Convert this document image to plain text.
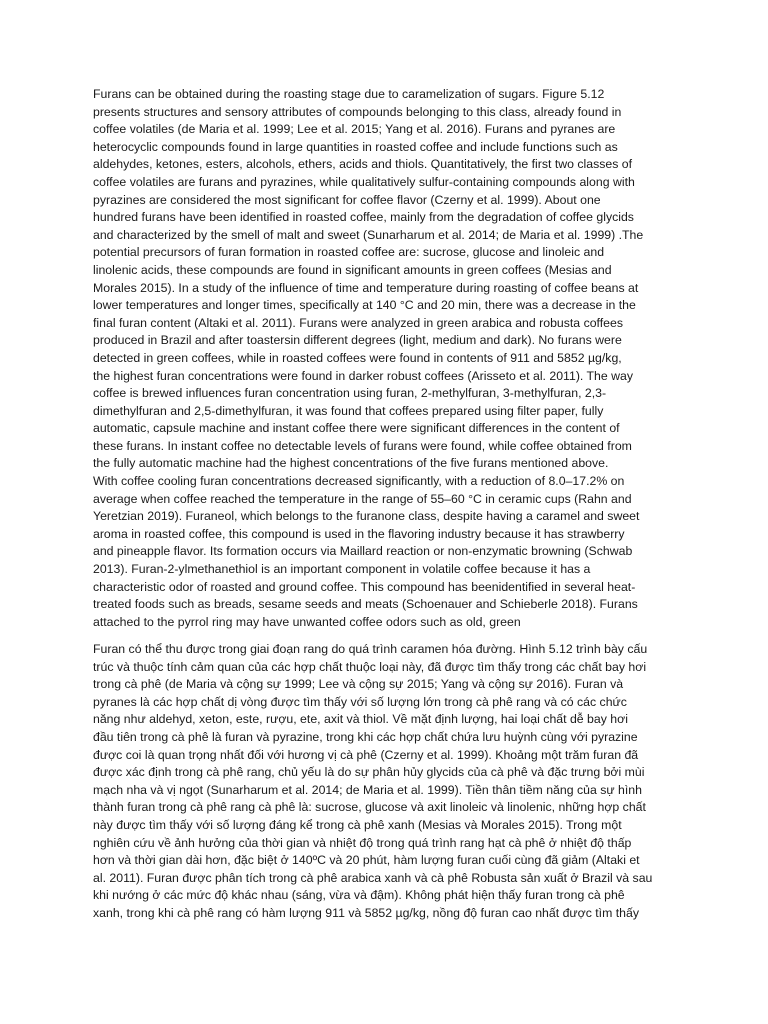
Furans can be obtained during the roasting stage due to caramelization of sugars. Figure 5.12
presents structures and sensory attributes of compounds belonging to this class, already found in
coffee volatiles (de Maria et al. 1999; Lee et al. 2015; Yang et al. 2016). Furans and pyranes are
heterocyclic compounds found in large quantities in roasted coffee and include functions such as
aldehydes, ketones, esters, alcohols, ethers, acids and thiols. Quantitatively, the first two classes of
coffee volatiles are furans and pyrazines, while qualitatively sulfur-containing compounds along with
pyrazines are considered the most significant for coffee flavor (Czerny et al. 1999). About one
hundred furans have been identified in roasted coffee, mainly from the degradation of coffee glycids
and characterized by the smell of malt and sweet (Sunarharum et al. 2014; de Maria et al. 1999) .The
potential precursors of furan formation in roasted coffee are: sucrose, glucose and linoleic and
linolenic acids, these compounds are found in significant amounts in green coffees (Mesias and
Morales 2015). In a study of the influence of time and temperature during roasting of coffee beans at
lower temperatures and longer times, specifically at 140 °C and 20 min, there was a decrease in the
final furan content (Altaki et al. 2011). Furans were analyzed in green arabica and robusta coffees
produced in Brazil and after toastersin different degrees (light, medium and dark). No furans were
detected in green coffees, while in roasted coffees were found in contents of 911 and 5852 µg/kg,
the highest furan concentrations were found in darker robust coffees (Arisseto et al. 2011). The way
coffee is brewed influences furan concentration using furan, 2-methylfuran, 3-methylfuran, 2,3-
dimethylfuran and 2,5-dimethylfuran, it was found that coffees prepared using filter paper, fully
automatic, capsule machine and instant coffee there were significant differences in the content of
these furans. In instant coffee no detectable levels of furans were found, while coffee obtained from
the fully automatic machine had the highest concentrations of the five furans mentioned above.
With coffee cooling furan concentrations decreased significantly, with a reduction of 8.0–17.2% on
average when coffee reached the temperature in the range of 55–60 °C in ceramic cups (Rahn and
Yeretzian 2019). Furaneol, which belongs to the furanone class, despite having a caramel and sweet
aroma in roasted coffee, this compound is used in the flavoring industry because it has strawberry
and pineapple flavor. Its formation occurs via Maillard reaction or non-enzymatic browning (Schwab
2013). Furan-2-ylmethanethiol is an important component in volatile coffee because it has a
characteristic odor of roasted and ground coffee. This compound has beenidentified in several heat-
treated foods such as breads, sesame seeds and meats (Schoenauer and Schieberle 2018). Furans
attached to the pyrrol ring may have unwanted coffee odors such as old, green
Furan có thể thu được trong giai đoạn rang do quá trình caramen hóa đường. Hình 5.12 trình bày cấu
trúc và thuộc tính cảm quan của các hợp chất thuộc loại này, đã được tìm thấy trong các chất bay hơi
trong cà phê (de Maria và cộng sự 1999; Lee và cộng sự 2015; Yang và cộng sự 2016). Furan và
pyranes là các hợp chất dị vòng được tìm thấy với số lượng lớn trong cà phê rang và có các chức
năng như aldehyd, xeton, este, rượu, ete, axit và thiol. Về mặt định lượng, hai loại chất dễ bay hơi
đầu tiên trong cà phê là furan và pyrazine, trong khi các hợp chất chứa lưu huỳnh cùng với pyrazine
được coi là quan trọng nhất đối với hương vị cà phê (Czerny et al. 1999). Khoảng một trăm furan đã
được xác định trong cà phê rang, chủ yếu là do sự phân hủy glycids của cà phê và đặc trưng bởi mùi
mạch nha và vị ngọt (Sunarharum et al. 2014; de Maria et al. 1999). Tiền thân tiềm năng của sự hình
thành furan trong cà phê rang cà phê là: sucrose, glucose và axit linoleic và linolenic, những hợp chất
này được tìm thấy với số lượng đáng kể trong cà phê xanh (Mesias và Morales 2015). Trong một
nghiên cứu về ảnh hưởng của thời gian và nhiệt độ trong quá trình rang hạt cà phê ở nhiệt độ thấp
hơn và thời gian dài hơn, đặc biệt ở 140ºC và 20 phút, hàm lượng furan cuối cùng đã giảm (Altaki et
al. 2011). Furan được phân tích trong cà phê arabica xanh và cà phê Robusta sản xuất ở Brazil và sau
khi nướng ở các mức độ khác nhau (sáng, vừa và đậm). Không phát hiện thấy furan trong cà phê
xanh, trong khi cà phê rang có hàm lượng 911 và 5852 µg/kg, nồng độ furan cao nhất được tìm thấy
